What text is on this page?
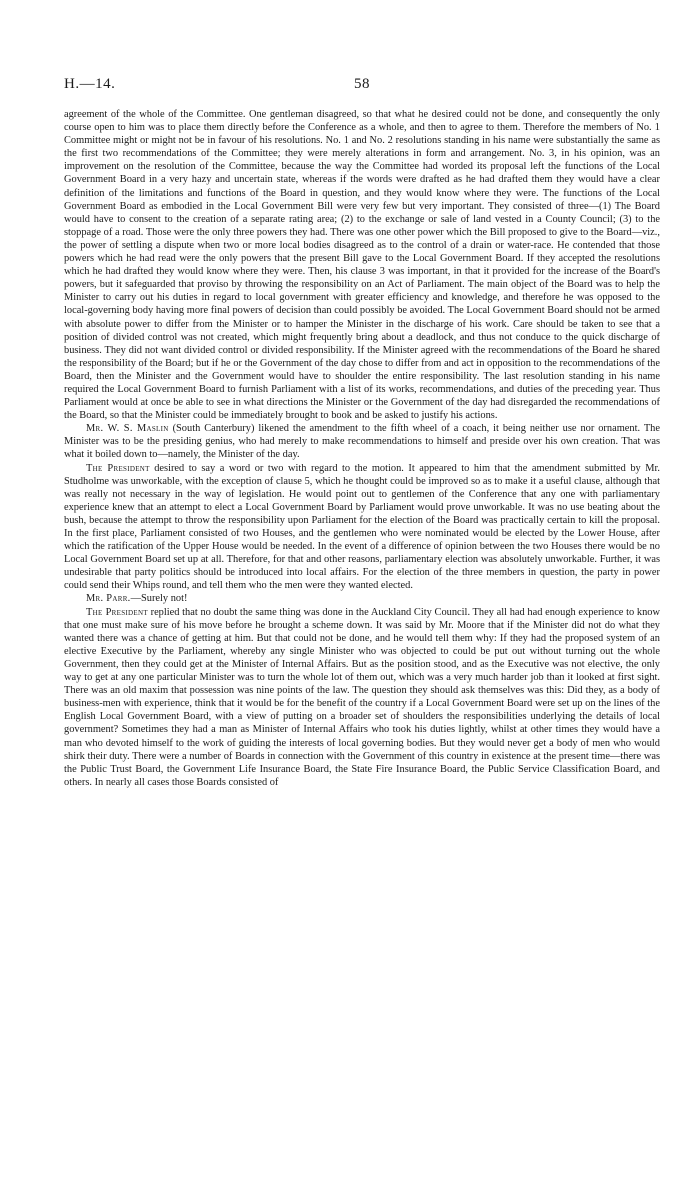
H.—14.	58

agreement of the whole of the Committee. One gentleman disagreed, so that what he desired could not be done, and consequently the only course open to him was to place them directly before the Conference as a whole, and then to agree to them. Therefore the members of No. 1 Committee might or might not be in favour of his resolutions. No. 1 and No. 2 resolutions standing in his name were substantially the same as the first two recommendations of the Committee; they were merely alterations in form and arrangement. No. 3, in his opinion, was an improvement on the resolution of the Committee, because the way the Committee had worded its proposal left the functions of the Local Government Board in a very hazy and uncertain state, whereas if the words were drafted as he had drafted them they would have a clear definition of the limitations and functions of the Board in question, and they would know where they were. The functions of the Local Government Board as embodied in the Local Government Bill were very few but very important. They consisted of three—(1) The Board would have to consent to the creation of a separate rating area; (2) to the exchange or sale of land vested in a County Council; (3) to the stoppage of a road. Those were the only three powers they had. There was one other power which the Bill proposed to give to the Board—viz., the power of settling a dispute when two or more local bodies disagreed as to the control of a drain or water-race. He contended that those powers which he had read were the only powers that the present Bill gave to the Local Government Board. If they accepted the resolutions which he had drafted they would know where they were. Then, his clause 3 was important, in that it provided for the increase of the Board's powers, but it safeguarded that proviso by throwing the responsibility on an Act of Parliament. The main object of the Board was to help the Minister to carry out his duties in regard to local government with greater efficiency and knowledge, and therefore he was opposed to the local-governing body having more final powers of decision than could possibly be avoided. The Local Government Board should not be armed with absolute power to differ from the Minister or to hamper the Minister in the discharge of his work. Care should be taken to see that a position of divided control was not created, which might frequently bring about a deadlock, and thus not conduce to the quick discharge of business. They did not want divided control or divided responsibility. If the Minister agreed with the recommendations of the Board he shared the responsibility of the Board; but if he or the Government of the day chose to differ from and act in opposition to the recommendations of the Board, then the Minister and the Government would have to shoulder the entire responsibility. The last resolution standing in his name required the Local Government Board to furnish Parliament with a list of its works, recommendations, and duties of the preceding year. Thus Parliament would at once be able to see in what directions the Minister or the Government of the day had disregarded the recommendations of the Board, so that the Minister could be immediately brought to book and be asked to justify his actions.

Mr. W. S. Maslin (South Canterbury) likened the amendment to the fifth wheel of a coach, it being neither use nor ornament. The Minister was to be the presiding genius, who had merely to make recommendations to himself and preside over his own creation. That was what it boiled down to—namely, the Minister of the day.

The President desired to say a word or two with regard to the motion. It appeared to him that the amendment submitted by Mr. Studholme was unworkable, with the exception of clause 5, which he thought could be improved so as to make it a useful clause, although that was really not necessary in the way of legislation. He would point out to gentlemen of the Conference that any one with parliamentary experience knew that an attempt to elect a Local Government Board by Parliament would prove unworkable. It was no use beating about the bush, because the attempt to throw the responsibility upon Parliament for the election of the Board was practically certain to kill the proposal. In the first place, Parliament consisted of two Houses, and the gentlemen who were nominated would be elected by the Lower House, after which the ratification of the Upper House would be needed. In the event of a difference of opinion between the two Houses there would be no Local Government Board set up at all. Therefore, for that and other reasons, parliamentary election was absolutely unworkable. Further, it was undesirable that party politics should be introduced into local affairs. For the election of the three members in question, the party in power could send their Whips round, and tell them who the men were they wanted elected.

Mr. Parr.—Surely not!

The President replied that no doubt the same thing was done in the Auckland City Council. They all had had enough experience to know that one must make sure of his move before he brought a scheme down. It was said by Mr. Moore that if the Minister did not do what they wanted there was a chance of getting at him. But that could not be done, and he would tell them why: If they had the proposed system of an elective Executive by the Parliament, whereby any single Minister who was objected to could be put out without turning out the whole Government, then they could get at the Minister of Internal Affairs. But as the position stood, and as the Executive was not elective, the only way to get at any one particular Minister was to turn the whole lot of them out, which was a very much harder job than it looked at first sight. There was an old maxim that possession was nine points of the law. The question they should ask themselves was this: Did they, as a body of business-men with experience, think that it would be for the benefit of the country if a Local Government Board were set up on the lines of the English Local Government Board, with a view of putting on a broader set of shoulders the responsibilities underlying the details of local government? Sometimes they had a man as Minister of Internal Affairs who took his duties lightly, whilst at other times they would have a man who devoted himself to the work of guiding the interests of local governing bodies. But they would never get a body of men who would shirk their duty. There were a number of Boards in connection with the Government of this country in existence at the present time—there was the Public Trust Board, the Government Life Insurance Board, the State Fire Insurance Board, the Public Service Classification Board, and others. In nearly all cases those Boards consisted of
